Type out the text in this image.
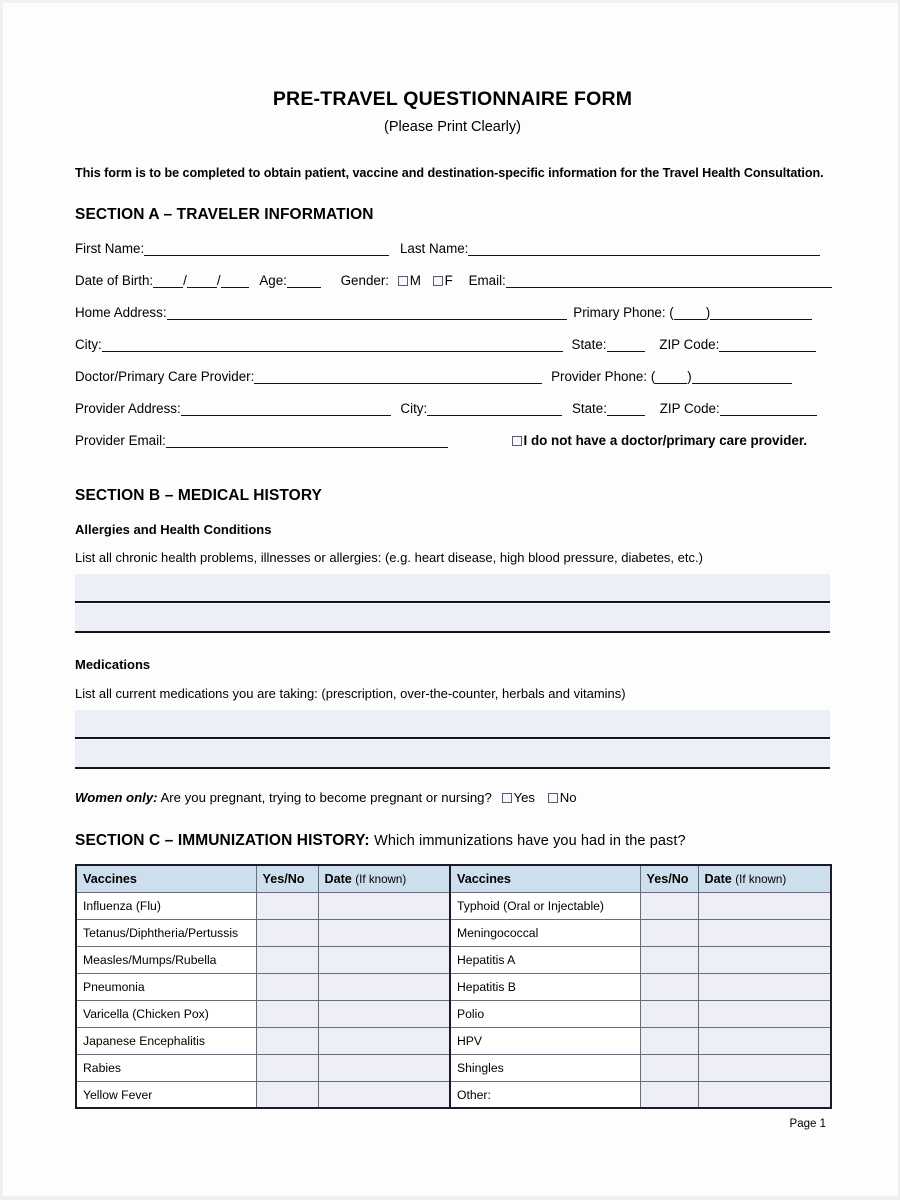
PRE-TRAVEL QUESTIONNAIRE FORM
(Please Print Clearly)
This form is to be completed to obtain patient, vaccine and destination-specific information for the Travel Health Consultation.
SECTION A – TRAVELER INFORMATION
First Name:	Last Name:
Date of Birth: / /	Age:	Gender: M F Email:
Home Address:	Primary Phone: ( )
City:	State:	ZIP Code:
Doctor/Primary Care Provider:	Provider Phone: ( )
Provider Address:	City:	State:	ZIP Code:
Provider Email:	I do not have a doctor/primary care provider.
SECTION B – MEDICAL HISTORY
Allergies and Health Conditions
List all chronic health problems, illnesses or allergies: (e.g. heart disease, high blood pressure, diabetes, etc.)
Medications
List all current medications you are taking: (prescription, over-the-counter, herbals and vitamins)
Women only: Are you pregnant, trying to become pregnant or nursing? Yes No
SECTION C – IMMUNIZATION HISTORY: Which immunizations have you had in the past?
Vaccines	Yes/No	Date (If known)	Vaccines	Yes/No	Date (If known)
Influenza (Flu)			Typhoid (Oral or Injectable)		
Tetanus/Diphtheria/Pertussis			Meningococcal		
Measles/Mumps/Rubella			Hepatitis A		
Pneumonia			Hepatitis B		
Varicella (Chicken Pox)			Polio		
Japanese Encephalitis			HPV		
Rabies			Shingles		
Yellow Fever			Other:		
Page 1
